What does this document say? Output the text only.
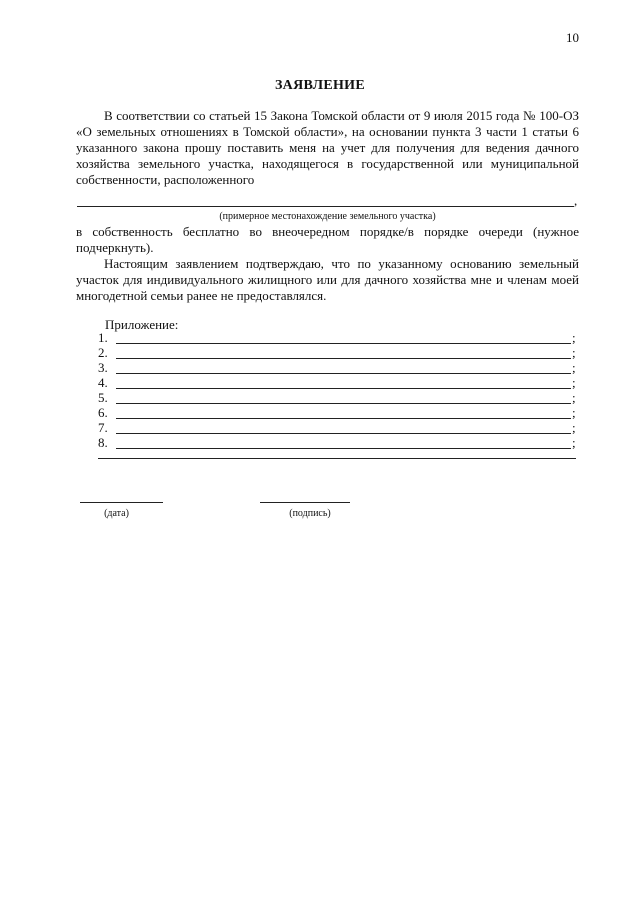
10
ЗАЯВЛЕНИЕ
В соответствии со статьей 15 Закона Томской области от 9 июля 2015 года № 100-ОЗ «О земельных отношениях в Томской области», на основании пункта 3 части 1 статьи 6 указанного закона прошу поставить меня на учет для получения для ведения дачного хозяйства земельного участка, находящегося в государственной или муниципальной собственности, расположенного
,
(примерное местонахождение земельного участка)
в собственность бесплатно во внеочередном порядке/в порядке очереди (нужное подчеркнуть).
Настоящим заявлением подтверждаю, что по указанному основанию земельный участок для индивидуального жилищного или для дачного хозяйства мне и членам моей многодетной семьи ранее не предоставлялся.
Приложение:
1.	;
2.	;
3.	;
4.	;
5.	;
6.	;
7.	;
8.	;
(дата)	(подпись)
